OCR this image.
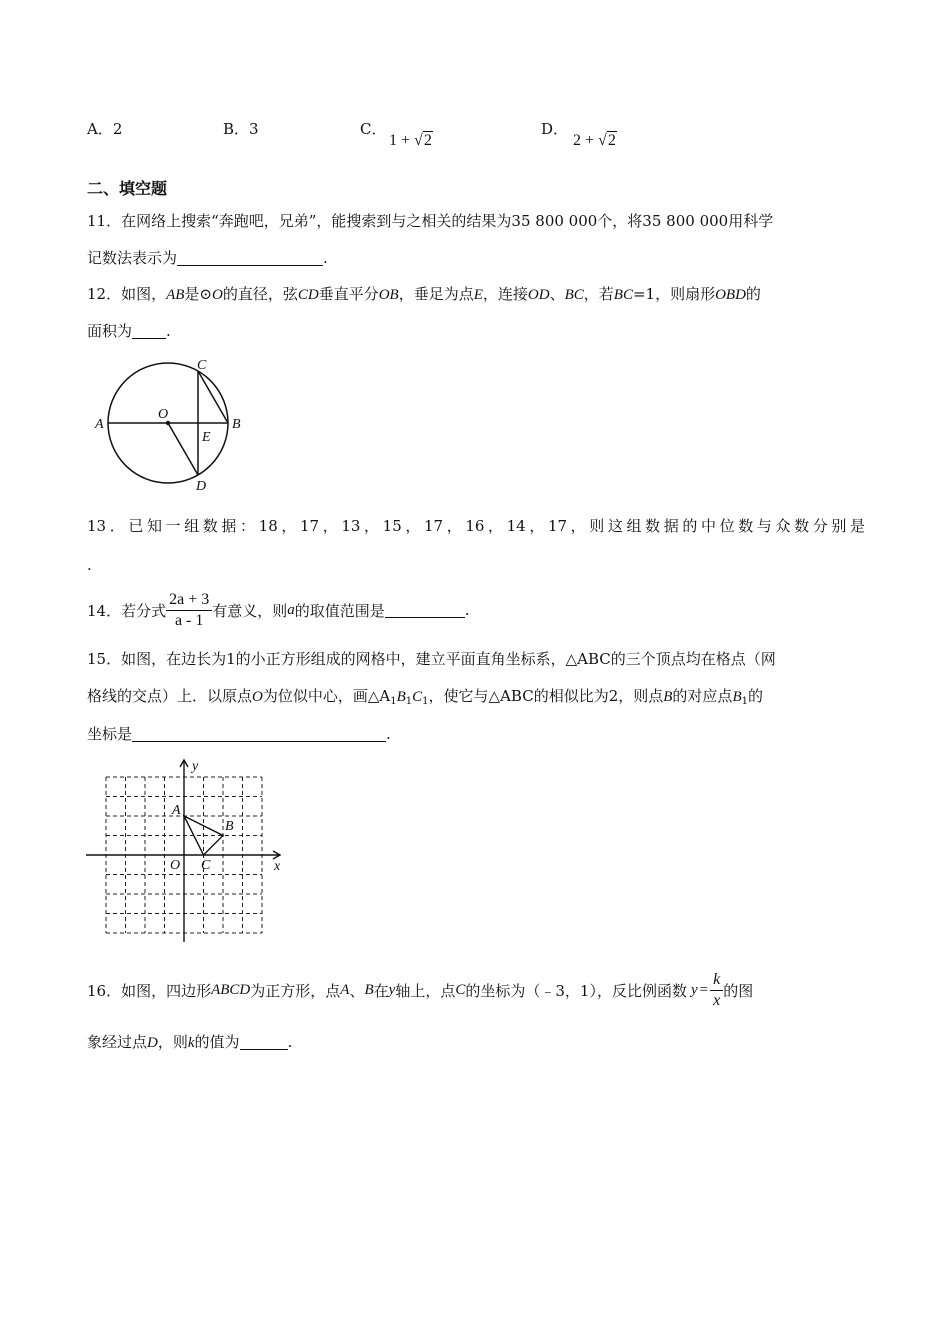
A．2	B．3	C．
1 + √2
D．
2 + √2
二、填空题
11．在网络上搜索“奔跑吧，兄弟”，能搜索到与之相关的结果为35 800 000个，将35 800 000用科学
记数法表示为	.
12．如图，AB是⊙O的直径，弦CD垂直平分OB，垂足为点E，连接OD、BC，若BC=1，则扇形OBD的
面积为 .
A	B
C
D
O
E
13．已知一组数据：18，17，13，15，17，16，14，17，则这组数据的中位数与众数分别是
.
14．若分式 $\frac{2a + 3}{a - 1}$ 有意义，则 a 的取值范围是	.
15．如图，在边长为1的小正方形组成的网格中，建立平面直角坐标系，△ABC的三个顶点均在格点（网
格线的交点）上．以原点O为位似中心，画$\triangle A_1B_1C_1$，使它与△ABC的相似比为2，则点B的对应点$B_1$的
坐标是	.
y
x
A
B
C
O
16．如图，四边形 ABCD 为正方形，点 A 、 B 在 y 轴上，点 C 的坐标为（﹣3，1），反比例函数 $y = \frac{k}{x}$ 的图
象经过点D，则k的值为	.
